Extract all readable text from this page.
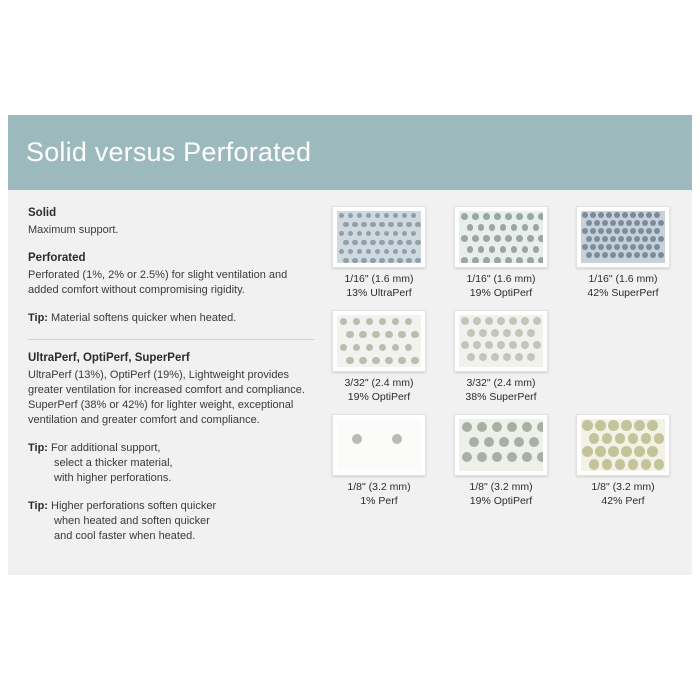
Solid versus Perforated
Solid
Maximum support.
Perforated
Perforated (1%, 2% or 2.5%) for slight ventilation and added comfort without compromising rigidity.
Tip: Material softens quicker when heated.
UltraPerf, OptiPerf, SuperPerf
UltraPerf (13%), OptiPerf (19%), Lightweight provides greater ventilation for increased comfort and compliance. SuperPerf (38% or 42%) for lighter weight, exceptional ventilation and greater comfort and compliance.
Tip: For additional support,
select a thicker material,
with higher perforations.
Tip: Higher perforations soften quicker
when heated and soften quicker
and cool faster when heated.
1/16" (1.6 mm)
13% UltraPerf
1/16" (1.6 mm)
19% OptiPerf
1/16" (1.6 mm)
42% SuperPerf
3/32" (2.4 mm)
19% OptiPerf
3/32" (2.4 mm)
38% SuperPerf
1/8" (3.2 mm)
1% Perf
1/8" (3.2 mm)
19% OptiPerf
1/8" (3.2 mm)
42% Perf
